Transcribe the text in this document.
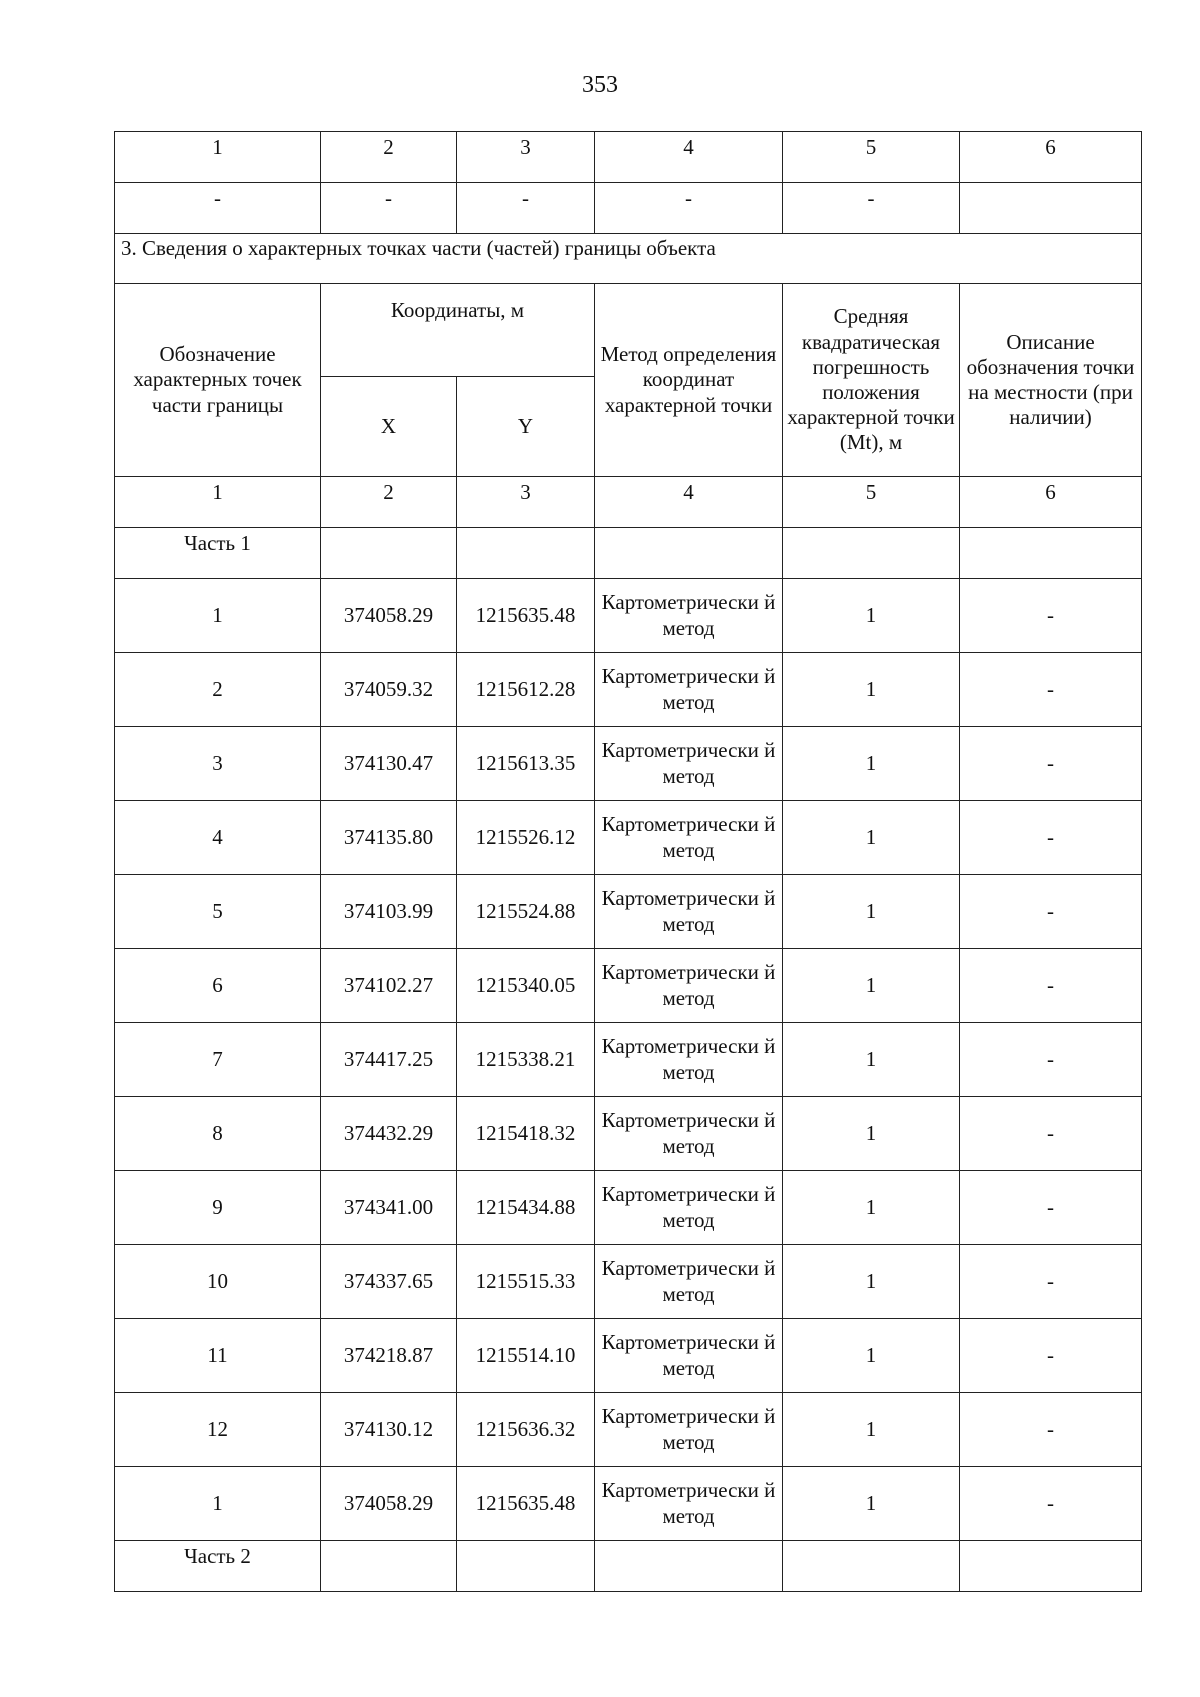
353
1	2	3	4	5	6
-	-	-	-	-	
3. Сведения о характерных точках части (частей) границы объекта					
Обозначение характерных точек части границы	Координаты, м		Метод определения координат характерной точки	Средняя квадратическая погрешность положения характерной точки (Mt), м	Описание обозначения точки на местности (при наличии)
	X	Y			
1	2	3	4	5	6
Часть 1					
1	374058.29	1215635.48	Картометрически й метод	1	-
2	374059.32	1215612.28	Картометрически й метод	1	-
3	374130.47	1215613.35	Картометрически й метод	1	-
4	374135.80	1215526.12	Картометрически й метод	1	-
5	374103.99	1215524.88	Картометрически й метод	1	-
6	374102.27	1215340.05	Картометрически й метод	1	-
7	374417.25	1215338.21	Картометрически й метод	1	-
8	374432.29	1215418.32	Картометрически й метод	1	-
9	374341.00	1215434.88	Картометрически й метод	1	-
10	374337.65	1215515.33	Картометрически й метод	1	-
11	374218.87	1215514.10	Картометрически й метод	1	-
12	374130.12	1215636.32	Картометрически й метод	1	-
1	374058.29	1215635.48	Картометрически й метод	1	-
Часть 2					
